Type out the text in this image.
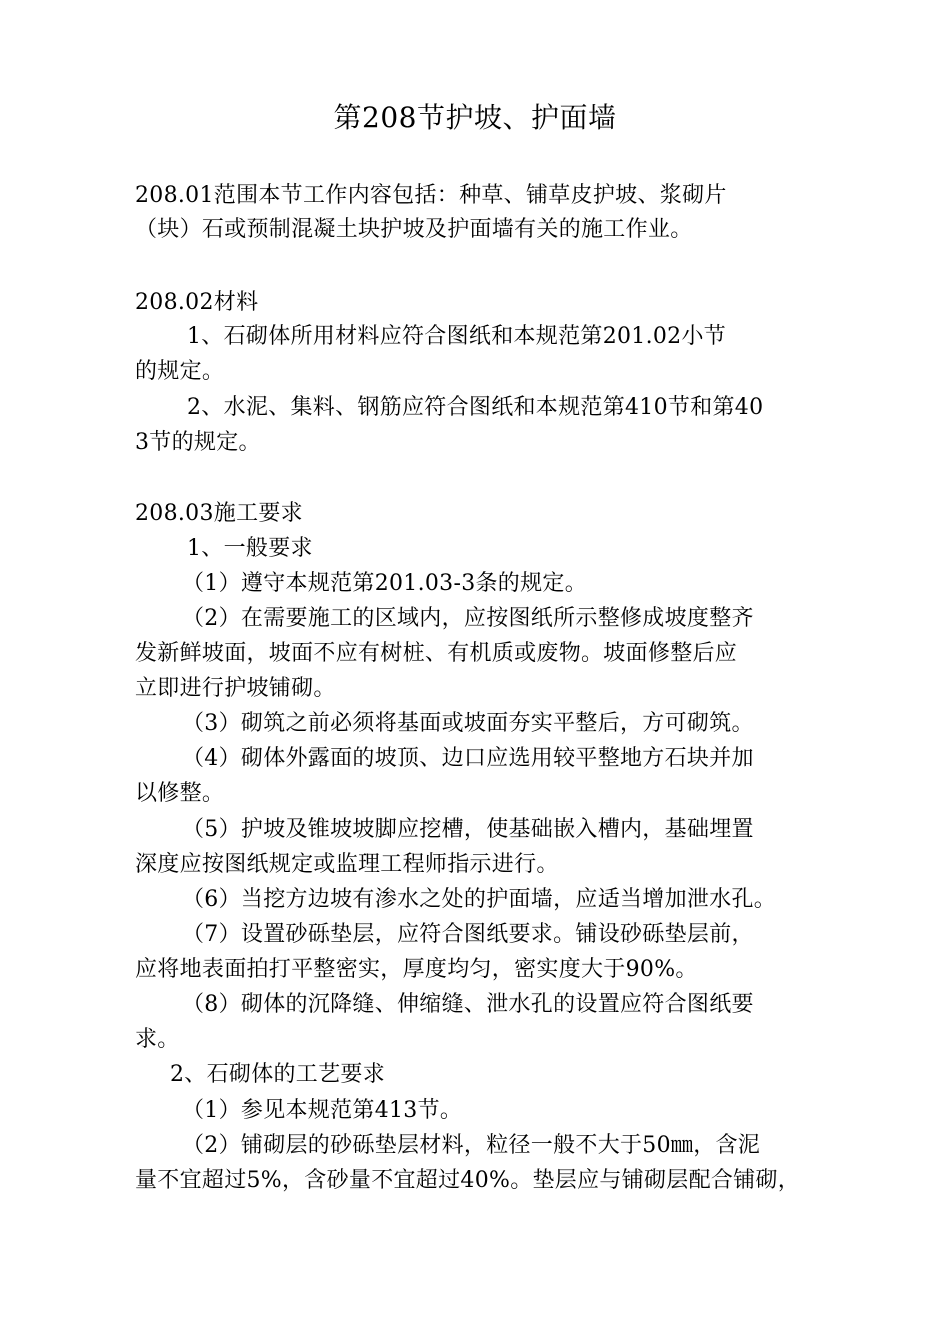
第208节护坡、护面墙
208.01范围本节工作内容包括：种草、铺草皮护坡、浆砌片
（块）石或预制混凝土块护坡及护面墙有关的施工作业。
208.02材料
1、石砌体所用材料应符合图纸和本规范第201.02小节
的规定。
2、水泥、集料、钢筋应符合图纸和本规范第410节和第40
3节的规定。
208.03施工要求
1、一般要求
（1）遵守本规范第201.03-3条的规定。
（2）在需要施工的区域内，应按图纸所示整修成坡度整齐
发新鲜坡面，坡面不应有树桩、有机质或废物。坡面修整后应
立即进行护坡铺砌。
（3）砌筑之前必须将基面或坡面夯实平整后，方可砌筑。
（4）砌体外露面的坡顶、边口应选用较平整地方石块并加
以修整。
（5）护坡及锥坡坡脚应挖槽，使基础嵌入槽内，基础埋置
深度应按图纸规定或监理工程师指示进行。
（6）当挖方边坡有渗水之处的护面墙，应适当增加泄水孔。
（7）设置砂砾垫层，应符合图纸要求。铺设砂砾垫层前，
应将地表面拍打平整密实，厚度均匀，密实度大于90%。
（8）砌体的沉降缝、伸缩缝、泄水孔的设置应符合图纸要
求。
2、石砌体的工艺要求
（1）参见本规范第413节。
（2）铺砌层的砂砾垫层材料，粒径一般不大于50㎜，含泥
量不宜超过5%，含砂量不宜超过40%。垫层应与铺砌层配合铺砌，
